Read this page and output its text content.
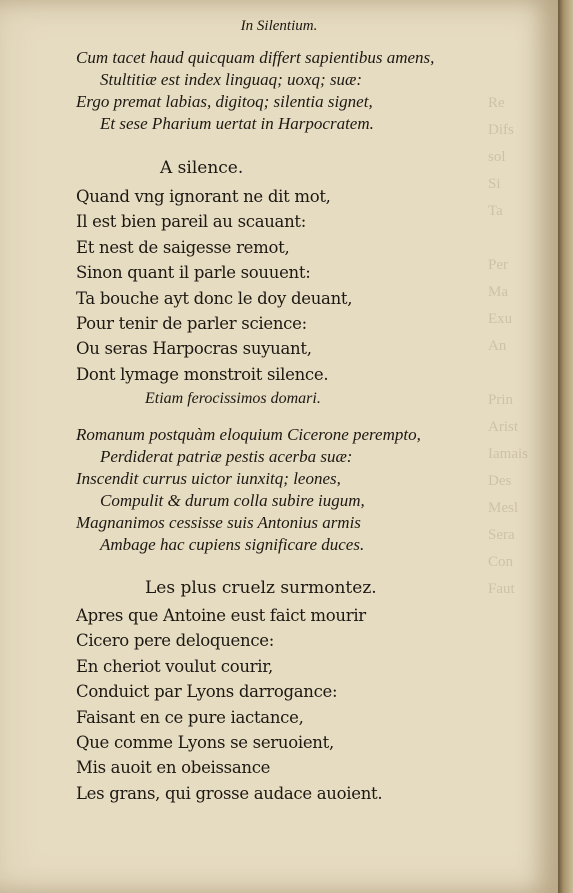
Re
Difs
sol
Si
Ta

Per
Ma
Exu
An

Prin
Arist
Iamais
Des
Mesl
Sera
Con
Faut
In Silentium.
Cum tacet haud quicquam differt sapientibus amens,
Stultitiæ est index linguaq; uoxq; suæ:
Ergo premat labias, digitoq; silentia signet,
Et sese Pharium uertat in Harpocratem.
A silence.
Quand vng ignorant ne dit mot,
Il est bien pareil au scauant:
Et nest de saigesse remot,
Sinon quant il parle souuent:
Ta bouche ayt donc le doy deuant,
Pour tenir de parler science:
Ou seras Harpocras suyuant,
Dont lymage monstroit silence.
Etiam ferocissimos domari.
Romanum postquàm eloquium Cicerone perempto,
Perdiderat patriæ pestis acerba suæ:
Inscendit currus uictor iunxitq; leones,
Compulit & durum colla subire iugum,
Magnanimos cessisse suis Antonius armis
Ambage hac cupiens significare duces.
Les plus cruelz surmontez.
Apres que Antoine eust faict mourir
Cicero pere deloquence:
En cheriot voulut courir,
Conduict par Lyons darrogance:
Faisant en ce pure iactance,
Que comme Lyons se seruoient,
Mis auoit en obeissance
Les grans, qui grosse audace auoient.
